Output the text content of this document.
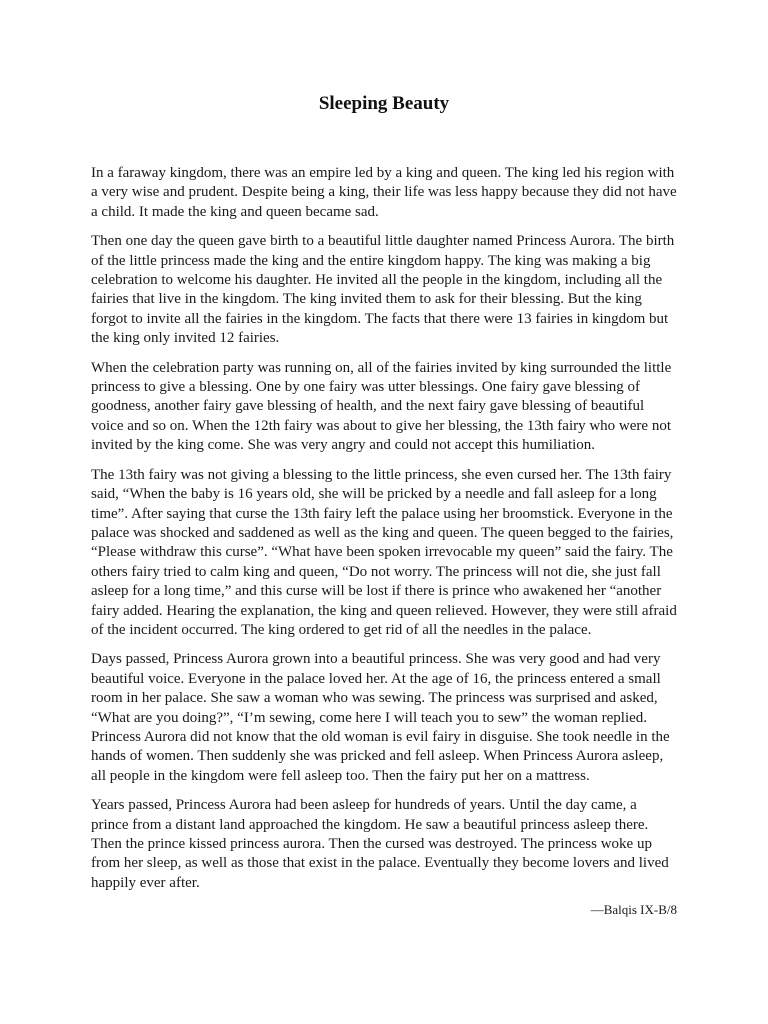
Sleeping Beauty

In a faraway kingdom, there was an empire led by a king and queen. The king led his region with a very wise and prudent. Despite being a king, their life was less happy because they did not have a child. It made the king and queen became sad.

Then one day the queen gave birth to a beautiful little daughter named Princess Aurora. The birth of the little princess made the king and the entire kingdom happy. The king was making a big celebration to welcome his daughter. He invited all the people in the kingdom, including all the fairies that live in the kingdom. The king invited them to ask for their blessing. But the king forgot to invite all the fairies in the kingdom. The facts that there were 13 fairies in kingdom but the king only invited 12 fairies.

When the celebration party was running on, all of the fairies invited by king surrounded the little princess to give a blessing. One by one fairy was utter blessings. One fairy gave blessing of goodness, another fairy gave blessing of health, and the next fairy gave blessing of beautiful voice and so on. When the 12th fairy was about to give her blessing, the 13th fairy who were not invited by the king come. She was very angry and could not accept this humiliation.

The 13th fairy was not giving a blessing to the little princess, she even cursed her. The 13th fairy said, “When the baby is 16 years old, she will be pricked by a needle and fall asleep for a long time”. After saying that curse the 13th fairy left the palace using her broomstick. Everyone in the palace was shocked and saddened as well as the king and queen. The queen begged to the fairies, “Please withdraw this curse”. “What have been spoken irrevocable my queen” said the fairy. The others fairy tried to calm king and queen, “Do not worry. The princess will not die, she just fall asleep for a long time,” and this curse will be lost if there is prince who awakened her “another fairy added. Hearing the explanation, the king and queen relieved. However, they were still afraid of the incident occurred. The king ordered to get rid of all the needles in the palace.

Days passed, Princess Aurora grown into a beautiful princess. She was very good and had very beautiful voice. Everyone in the palace loved her. At the age of 16, the princess entered a small room in her palace. She saw a woman who was sewing. The princess was surprised and asked, “What are you doing?”, “I’m sewing, come here I will teach you to sew” the woman replied. Princess Aurora did not know that the old woman is evil fairy in disguise. She took needle in the hands of women. Then suddenly she was pricked and fell asleep. When Princess Aurora asleep, all people in the kingdom were fell asleep too. Then the fairy put her on a mattress.

Years passed, Princess Aurora had been asleep for hundreds of years. Until the day came, a prince from a distant land approached the kingdom. He saw a beautiful princess asleep there. Then the prince kissed princess aurora. Then the cursed was destroyed. The princess woke up from her sleep, as well as those that exist in the palace. Eventually they become lovers and lived happily ever after.

—Balqis IX-B/8
